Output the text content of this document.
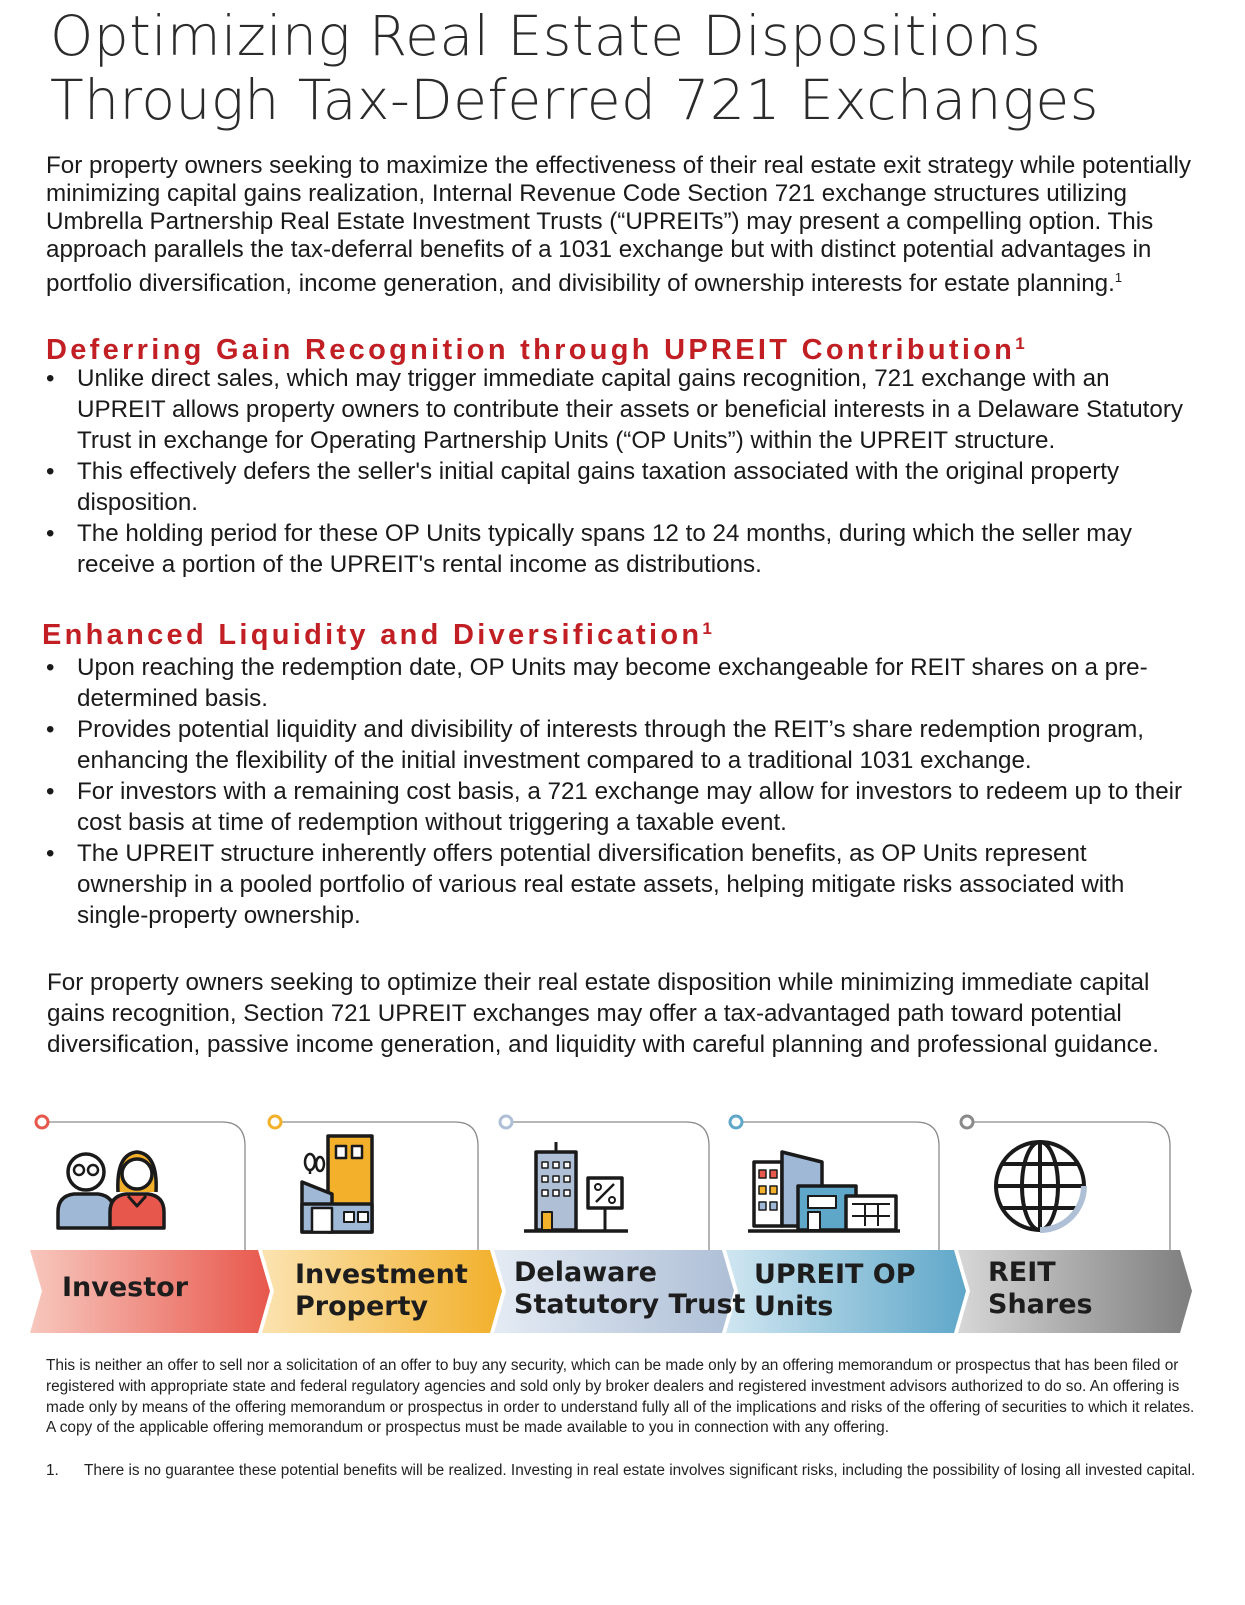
Optimizing Real Estate Dispositions
Through Tax-Deferred 721 Exchanges

For property owners seeking to maximize the effectiveness of their real estate exit strategy while potentially minimizing capital gains realization, Internal Revenue Code Section 721 exchange structures utilizing Umbrella Partnership Real Estate Investment Trusts (“UPREITs”) may present a compelling option. This approach parallels the tax-deferral benefits of a 1031 exchange but with distinct potential advantages in portfolio diversification, income generation, and divisibility of ownership interests for estate planning.$^1$

Deferring Gain Recognition through UPREIT Contribution$^1$
• Unlike direct sales, which may trigger immediate capital gains recognition, 721 exchange with an UPREIT allows property owners to contribute their assets or beneficial interests in a Delaware Statutory Trust in exchange for Operating Partnership Units (“OP Units”) within the UPREIT structure.
• This effectively defers the seller's initial capital gains taxation associated with the original property disposition.
• The holding period for these OP Units typically spans 12 to 24 months, during which the seller may receive a portion of the UPREIT's rental income as distributions.
Enhanced Liquidity and Diversification$^1$
• Upon reaching the redemption date, OP Units may become exchangeable for REIT shares on a pre-determined basis.
• Provides potential liquidity and divisibility of interests through the REIT’s share redemption program, enhancing the flexibility of the initial investment compared to a traditional 1031 exchange.
• For investors with a remaining cost basis, a 721 exchange may allow for investors to redeem up to their cost basis at time of redemption without triggering a taxable event.
• The UPREIT structure inherently offers potential diversification benefits, as OP Units represent ownership in a pooled portfolio of various real estate assets, helping mitigate risks associated with single-property ownership.

For property owners seeking to optimize their real estate disposition while minimizing immediate capital gains recognition, Section 721 UPREIT exchanges may offer a tax-advantaged path toward potential diversification, passive income generation, and liquidity with careful planning and professional guidance.

Investor	Investment
Property
Delaware
Statutory Trust
UPREIT OP
Units
REIT
Shares

This is neither an offer to sell nor a solicitation of an offer to buy any security, which can be made only by an offering memorandum or prospectus that has been filed or registered with appropriate state and federal regulatory agencies and sold only by broker dealers and registered investment advisors authorized to do so. An offering is made only by means of the offering memorandum or prospectus in order to understand fully all of the implications and risks of the offering of securities to which it relates. A copy of the applicable offering memorandum or prospectus must be made available to you in connection with any offering.

1.	There is no guarantee these potential benefits will be realized. Investing in real estate involves significant risks, including the possibility of losing all invested capital.
